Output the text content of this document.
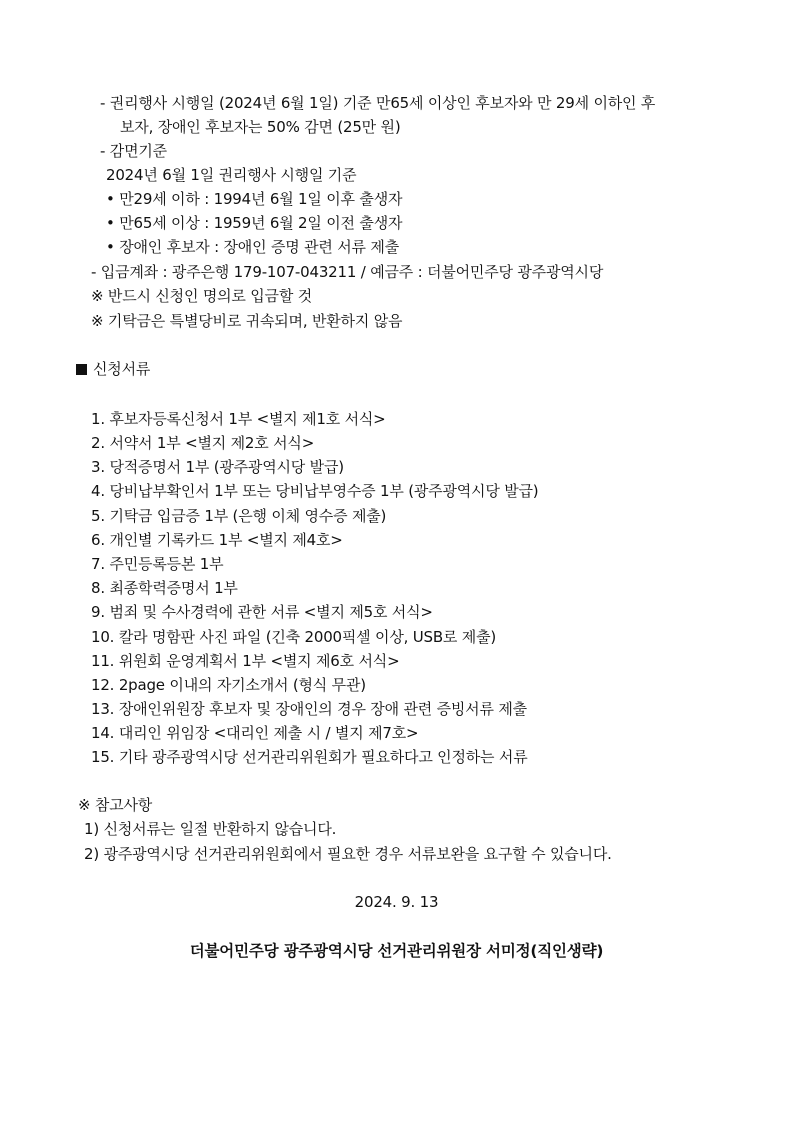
- 권리행사 시행일 (2024년 6월 1일) 기준 만65세 이상인 후보자와 만 29세 이하인 후
보자, 장애인 후보자는 50% 감면 (25만 원)
- 감면기준
2024년 6월 1일 권리행사 시행일 기준
• 만29세 이하 : 1994년 6월 1일 이후 출생자
• 만65세 이상 : 1959년 6월 2일 이전 출생자
• 장애인 후보자 : 장애인 증명 관련 서류 제출
- 입금계좌 : 광주은행 179-107-043211 / 예금주 : 더불어민주당 광주광역시당
※ 반드시 신청인 명의로 입금할 것
※ 기탁금은 특별당비로 귀속되며, 반환하지 않음
신청서류
1. 후보자등록신청서 1부 <별지 제1호 서식>
2. 서약서 1부 <별지 제2호 서식>
3. 당적증명서 1부 (광주광역시당 발급)
4. 당비납부확인서 1부 또는 당비납부영수증 1부 (광주광역시당 발급)
5. 기탁금 입금증 1부 (은행 이체 영수증 제출)
6. 개인별 기록카드 1부 <별지 제4호>
7. 주민등록등본 1부
8. 최종학력증명서 1부
9. 범죄 및 수사경력에 관한 서류 <별지 제5호 서식>
10. 칼라 명함판 사진 파일 (긴축 2000픽셀 이상, USB로 제출)
11. 위원회 운영계획서 1부 <별지 제6호 서식>
12. 2page 이내의 자기소개서 (형식 무관)
13. 장애인위원장 후보자 및 장애인의 경우 장애 관련 증빙서류 제출
14. 대리인 위임장 <대리인 제출 시 / 별지 제7호>
15. 기타 광주광역시당 선거관리위원회가 필요하다고 인정하는 서류
※ 참고사항
1) 신청서류는 일절 반환하지 않습니다.
2) 광주광역시당 선거관리위원회에서 필요한 경우 서류보완을 요구할 수 있습니다.
2024. 9. 13
더불어민주당 광주광역시당 선거관리위원장 서미정(직인생략)
